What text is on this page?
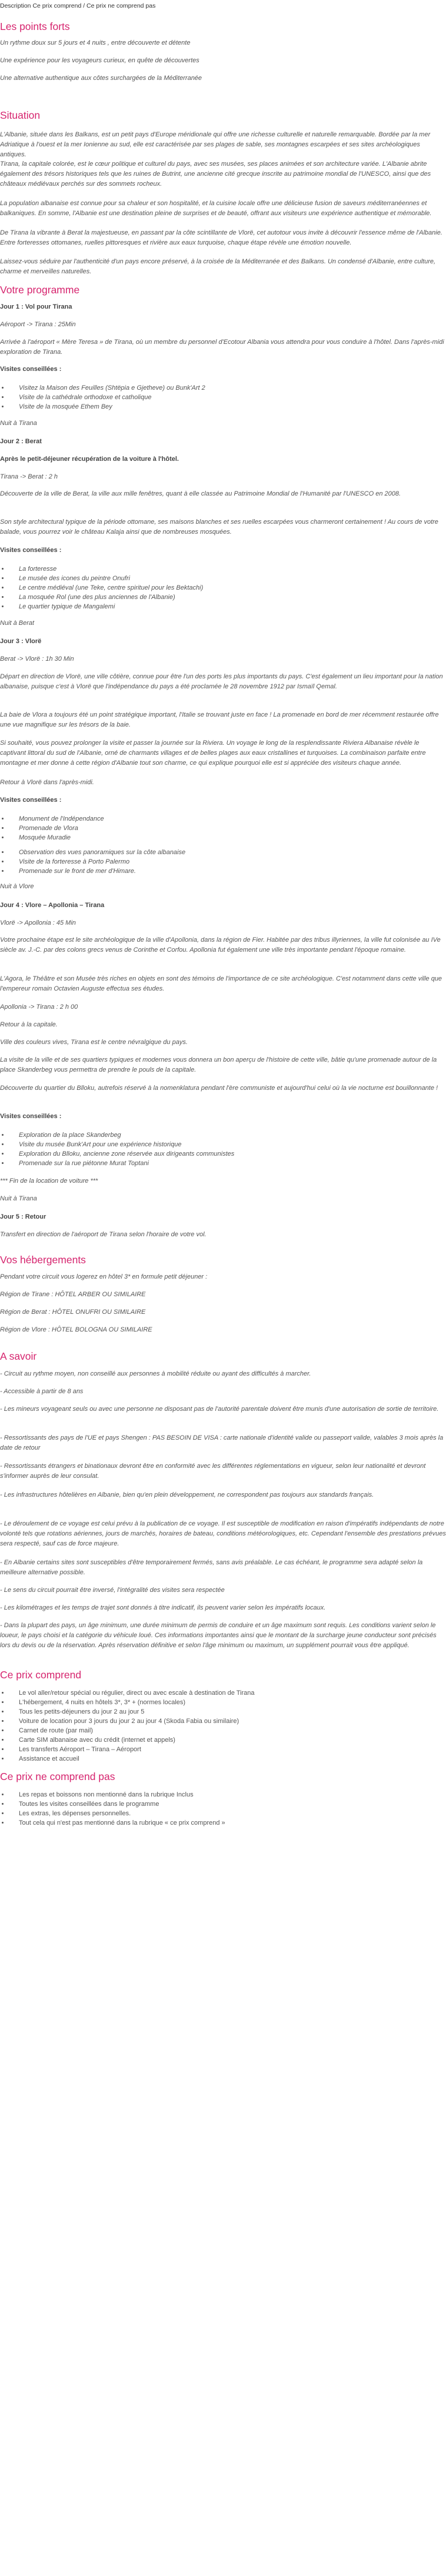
Description Ce prix comprend / Ce prix ne comprend pas
Les points forts

Un rythme doux sur 5 jours et 4 nuits , entre découverte et détente

Une expérience pour les voyageurs curieux, en quête de découvertes

Une alternative authentique aux côtes surchargées de la Méditerranée

Situation

L'Albanie, située dans les Balkans, est un petit pays d'Europe méridionale qui offre une richesse culturelle et naturelle remarquable. Bordée par la mer Adriatique à l'ouest et la mer Ionienne au sud, elle est caractérisée par ses plages de sable, ses montagnes escarpées et ses sites archéologiques antiques.

Tirana, la capitale colorée, est le cœur politique et culturel du pays, avec ses musées, ses places animées et son architecture variée. L'Albanie abrite également des trésors historiques tels que les ruines de Butrint, une ancienne cité grecque inscrite au patrimoine mondial de l'UNESCO, ainsi que des châteaux médiévaux perchés sur des sommets rocheux.

La population albanaise est connue pour sa chaleur et son hospitalité, et la cuisine locale offre une délicieuse fusion de saveurs méditerranéennes et balkaniques. En somme, l'Albanie est une destination pleine de surprises et de beauté, offrant aux visiteurs une expérience authentique et mémorable.

De Tirana la vibrante à Berat la majestueuse, en passant par la côte scintillante de Vlorë, cet autotour vous invite à découvrir l'essence même de l'Albanie. Entre forteresses ottomanes, ruelles pittoresques et rivière aux eaux turquoise, chaque étape révèle une émotion nouvelle.

Laissez-vous séduire par l'authenticité d'un pays encore préservé, à la croisée de la Méditerranée et des Balkans. Un condensé d'Albanie, entre culture, charme et merveilles naturelles.

Votre programme

Jour 1 : Vol pour Tirana

Aéroport -> Tirana : 25Min

Arrivée à l'aéroport « Mère Teresa » de Tirana, où un membre du personnel d'Ecotour Albania vous attendra pour vous conduire à l'hôtel. Dans l'après-midi exploration de Tirana.

Visites conseillées :

• Visitez la Maison des Feuilles (Shtëpia e Gjetheve) ou Bunk'Art 2
• Visite de la cathédrale orthodoxe et catholique
• Visite de la mosquée Ethem Bey

Nuit à Tirana

Jour 2 : Berat

Après le petit-déjeuner récupération de la voiture à l'hôtel.

Tirana -> Berat : 2 h

Découverte de la ville de Berat, la ville aux mille fenêtres, quant à elle classée au Patrimoine Mondial de l'Humanité par l'UNESCO en 2008.

Son style architectural typique de la période ottomane, ses maisons blanches et ses ruelles escarpées vous charmeront certainement ! Au cours de votre balade, vous pourrez voir le château Kalaja ainsi que de nombreuses mosquées.

Visites conseillées :

• La forteresse
• Le musée des icones du peintre Onufri
• Le centre médiéval (une Teke, centre spirituel pour les Bektachi)
• La mosquée Rol (une des plus anciennes de l'Albanie)
• Le quartier typique de Mangalemi

Nuit à Berat

Jour 3 : Vlorë

Berat -> Vlorë : 1h 30 Min

Départ en direction de Vlorë, une ville côtière, connue pour être l'un des ports les plus importants du pays. C'est également un lieu important pour la nation albanaise, puisque c'est à Vlorë que l'indépendance du pays a été proclamée le 28 novembre 1912 par Ismaïl Qemal.

La baie de Vlora a toujours été un point stratégique important, l'Italie se trouvant juste en face ! La promenade en bord de mer récemment restaurée offre une vue magnifique sur les trésors de la baie.

Si souhaité, vous pouvez prolonger la visite et passer la journée sur la Riviera. Un voyage le long de la resplendissante Riviera Albanaise révèle le captivant littoral du sud de l'Albanie, orné de charmants villages et de belles plages aux eaux cristallines et turquoises. La combinaison parfaite entre montagne et mer donne à cette région d'Albanie tout son charme, ce qui explique pourquoi elle est si appréciée des visiteurs chaque année.

Retour à Vlorë dans l'après-midi.

Visites conseillées :

• Monument de l'Indépendance
• Promenade de Vlora
• Mosquée Muradie
• Observation des vues panoramiques sur la côte albanaise
• Visite de la forteresse à Porto Palermo
• Promenade sur le front de mer d'Himare.

Nuit à Vlore

Jour 4 : Vlore – Apollonia – Tirana

Vlorë -> Apollonia : 45 Min

Votre prochaine étape est le site archéologique de la ville d'Apollonia, dans la région de Fier. Habitée par des tribus illyriennes, la ville fut colonisée au IVe siècle av. J.-C. par des colons grecs venus de Corinthe et Corfou. Apollonia fut également une ville très importante pendant l'époque romaine.

L'Agora, le Théâtre et son Musée très riches en objets en sont des témoins de l'importance de ce site archéologique. C'est notamment dans cette ville que l'empereur romain Octavien Auguste effectua ses études.

Apollonia -> Tirana : 2 h 00

Retour à la capitale.

Ville des couleurs vives, Tirana est le centre névralgique du pays.

La visite de la ville et de ses quartiers typiques et modernes vous donnera un bon aperçu de l'histoire de cette ville, bâtie qu'une promenade autour de la place Skanderbeg vous permettra de prendre le pouls de la capitale.

Découverte du quartier du Blloku, autrefois réservé à la nomenklatura pendant l'ère communiste et aujourd'hui celui où la vie nocturne est bouillonnante !

Visites conseillées :

• Exploration de la place Skanderbeg
• Visite du musée Bunk'Art pour une expérience historique
• Exploration du Blloku, ancienne zone réservée aux dirigeants communistes
• Promenade sur la rue piétonne Murat Toptani

*** Fin de la location de voiture ***

Nuit à Tirana

Jour 5 : Retour

Transfert en direction de l'aéroport de Tirana selon l'horaire de votre vol.

Vos hébergements

Pendant votre circuit vous logerez en hôtel 3* en formule petit déjeuner :

Région de Tirane : HÔTEL ARBER OU SIMILAIRE

Région de Berat : HÔTEL ONUFRI OU SIMILAIRE

Région de Vlore : HÔTEL BOLOGNA OU SIMILAIRE

A savoir

- Circuit au rythme moyen, non conseillé aux personnes à mobilité réduite ou ayant des difficultés à marcher.

- Accessible à partir de 8 ans

- Les mineurs voyageant seuls ou avec une personne ne disposant pas de l'autorité parentale doivent être munis d'une autorisation de sortie de territoire.

- Ressortissants des pays de l'UE et pays Shengen : PAS BESOIN DE VISA : carte nationale d'identité valide ou passeport valide, valables 3 mois après la date de retour

- Ressortissants étrangers et binationaux devront être en conformité avec les différentes réglementations en vigueur, selon leur nationalité et devront s'informer auprès de leur consulat.

- Les infrastructures hôtelières en Albanie, bien qu'en plein développement, ne correspondent pas toujours aux standards français.

- Le déroulement de ce voyage est celui prévu à la publication de ce voyage. Il est susceptible de modification en raison d'impératifs indépendants de notre volonté tels que rotations aériennes, jours de marchés, horaires de bateau, conditions météorologiques, etc. Cependant l'ensemble des prestations prévues sera respecté, sauf cas de force majeure.

- En Albanie certains sites sont susceptibles d'être temporairement fermés, sans avis préalable. Le cas échéant, le programme sera adapté selon la meilleure alternative possible.

- Le sens du circuit pourrait être inversé, l'intégralité des visites sera respectée

- Les kilométrages et les temps de trajet sont donnés à titre indicatif, ils peuvent varier selon les impératifs locaux.

- Dans la plupart des pays, un âge minimum, une durée minimum de permis de conduire et un âge maximum sont requis. Les conditions varient selon le loueur, le pays choisi et la catégorie du véhicule loué. Ces informations importantes ainsi que le montant de la surcharge jeune conducteur sont précisés lors du devis ou de la réservation. Après réservation définitive et selon l'âge minimum ou maximum, un supplément pourrait vous être appliqué.

Ce prix comprend
• Le vol aller/retour spécial ou régulier, direct ou avec escale à destination de Tirana
• L'hébergement, 4 nuits en hôtels 3*, 3* + (normes locales)
• Tous les petits-déjeuners du jour 2 au jour 5
• Voiture de location pour 3 jours du jour 2 au jour 4 (Skoda Fabia ou similaire)
• Carnet de route (par mail)
• Carte SIM albanaise avec du crédit (internet et appels)
• Les transferts Aéroport – Tirana – Aéroport
• Assistance et accueil
Ce prix ne comprend pas
• Les repas et boissons non mentionné dans la rubrique Inclus
• Toutes les visites conseillées dans le programme
• Les extras, les dépenses personnelles.
• Tout cela qui n'est pas mentionné dans la rubrique « ce prix comprend »
